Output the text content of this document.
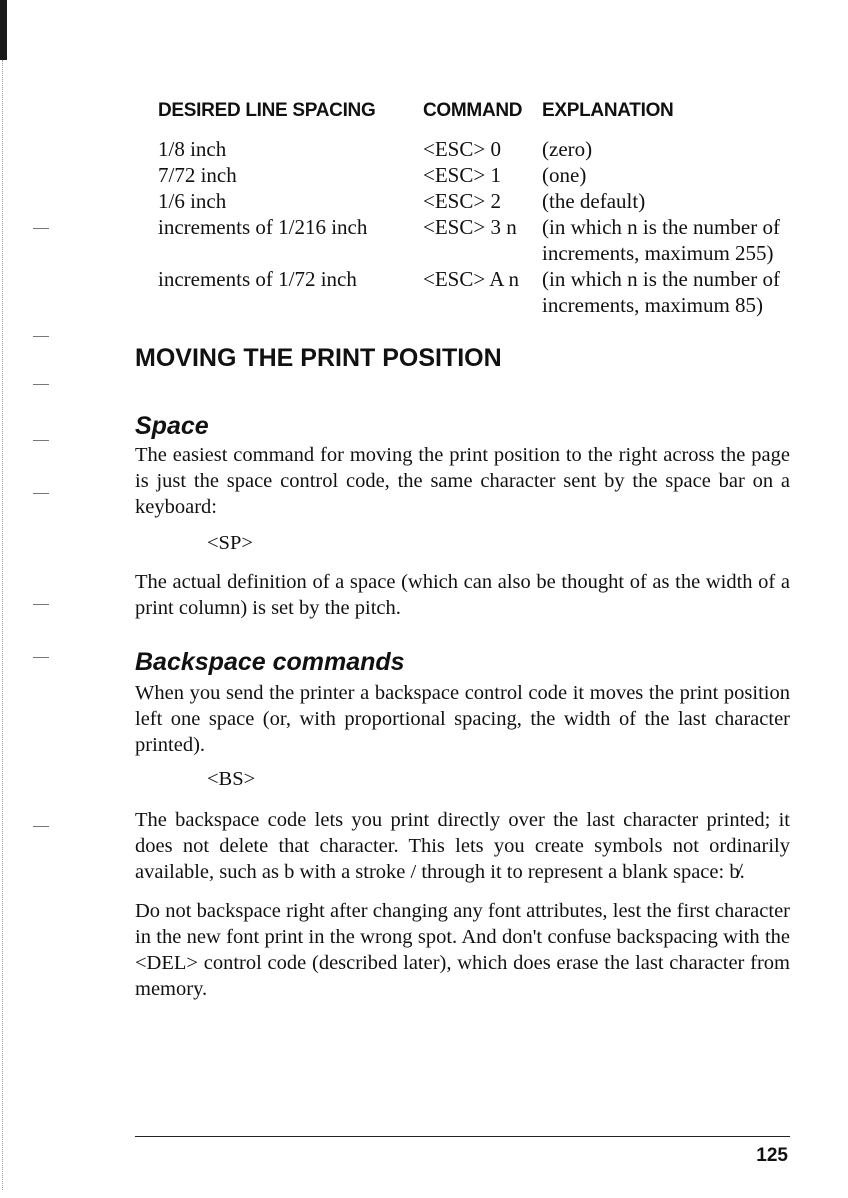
DESIRED LINE SPACING	COMMAND EXPLANATION
1/8 inch	<ESC> 0 (zero)
7/72 inch	<ESC> 1 (one)
1/6 inch	<ESC> 2 (the default)
increments of 1/216 inch	<ESC> 3 n (in which n is the number of
increments, maximum 255)
increments of 1/72 inch	<ESC> A n (in which n is the number of
increments, maximum 85)
MOVING THE PRINT POSITION
Space

The easiest command for moving the print position to the right across the page is just the space control code, the same character sent by the space bar on a keyboard:

<SP>

The actual definition of a space (which can also be thought of as the width of a print column) is set by the pitch.

Backspace commands

When you send the printer a backspace control code it moves the print position left one space (or, with proportional spacing, the width of the last character printed).

<BS>

The backspace code lets you print directly over the last character printed; it does not delete that character. This lets you create symbols not ordinarily available, such as b with a stroke / through it to represent a blank space: b̸.

Do not backspace right after changing any font attributes, lest the first character in the new font print in the wrong spot. And don't confuse backspacing with the <DEL> control code (described later), which does erase the last character from memory.

125
